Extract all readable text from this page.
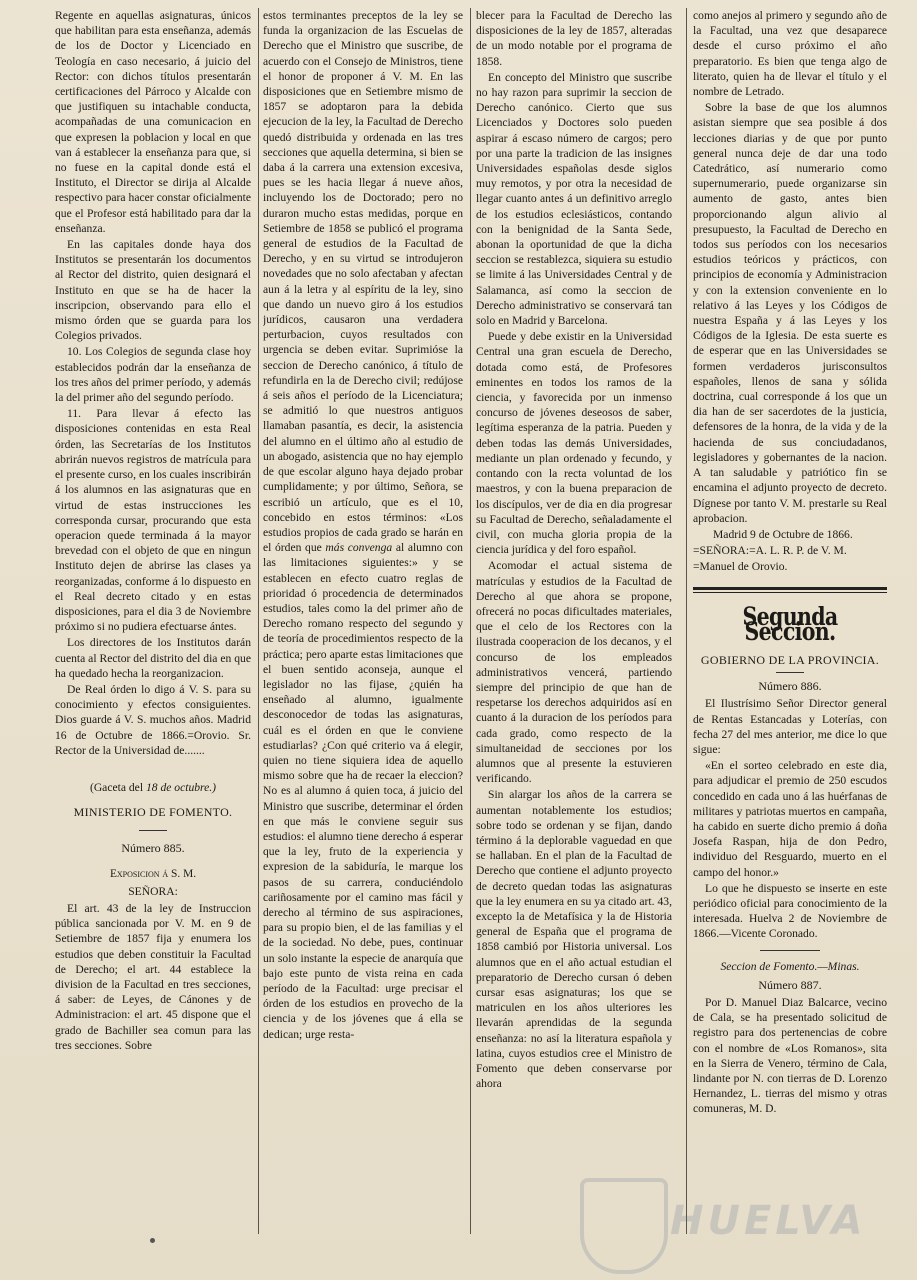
Regente en aquellas asignaturas, únicos que habilitan para esta enseñanza, además de los de Doctor y Licenciado en Teología en caso necesario, á juicio del Rector: con dichos títulos presentarán certificaciones del Párroco y Alcalde con que justifiquen su intachable conducta, acompañadas de una comunicacion en que expresen la poblacion y local en que van á establecer la enseñanza para que, si no fuese en la capital donde está el Instituto, el Director se dirija al Alcalde respectivo para hacer constar oficialmente que el Profesor está habilitado para dar la enseñanza.

En las capitales donde haya dos Institutos se presentarán los documentos al Rector del distrito, quien designará el Instituto en que se ha de hacer la inscripcion, observando para ello el mismo órden que se guarda para los Colegios privados.

10. Los Colegios de segunda clase hoy establecidos podrán dar la enseñanza de los tres años del primer período, y además la del primer año del segundo período.

11. Para llevar á efecto las disposiciones contenidas en esta Real órden, las Secretarías de los Institutos abrirán nuevos registros de matrícula para el presente curso, en los cuales inscribirán á los alumnos en las asignaturas que en virtud de estas instrucciones les corresponda cursar, procurando que esta operacion quede terminada á la mayor brevedad con el objeto de que en ningun Instituto dejen de abrirse las clases ya reorganizadas, conforme á lo dispuesto en el Real decreto citado y en estas disposiciones, para el dia 3 de Noviembre próximo si no pudiera efectuarse ántes.

Los directores de los Institutos darán cuenta al Rector del distrito del dia en que ha quedado hecha la reorganizacion.

De Real órden lo digo á V. S. para su conocimiento y efectos consiguientes. Dios guarde á V. S. muchos años. Madrid 16 de Octubre de 1866.=Orovio. Sr. Rector de la Universidad de.......

(Gaceta del 18 de octubre.)

MINISTERIO DE FOMENTO.

Número 885.

Exposicion á S. M.

SEÑORA:

El art. 43 de la ley de Instruccion pública sancionada por V. M. en 9 de Setiembre de 1857 fija y enumera los estudios que deben constituir la Facultad de Derecho; el art. 44 establece la division de la Facultad en tres secciones, á saber: de Leyes, de Cánones y de Administracion: el art. 45 dispone que el grado de Bachiller sea comun para las tres secciones. Sobre

estos terminantes preceptos de la ley se funda la organizacion de las Escuelas de Derecho que el Ministro que suscribe, de acuerdo con el Consejo de Ministros, tiene el honor de proponer á V. M. En las disposiciones que en Setiembre mismo de 1857 se adoptaron para la debida ejecucion de la ley, la Facultad de Derecho quedó distribuida y ordenada en las tres secciones que aquella determina, si bien se daba á la carrera una extension excesiva, pues se les hacia llegar á nueve años, incluyendo los de Doctorado; pero no duraron mucho estas medidas, porque en Setiembre de 1858 se publicó el programa general de estudios de la Facultad de Derecho, y en su virtud se introdujeron novedades que no solo afectaban y afectan aun á la letra y al espíritu de la ley, sino que dando un nuevo giro á los estudios jurídicos, causaron una verdadera perturbacion, cuyos resultados con urgencia se deben evitar. Suprimióse la seccion de Derecho canónico, á título de refundirla en la de Derecho civil; redújose á seis años el período de la Licenciatura; se admitió lo que nuestros antiguos llamaban pasantía, es decir, la asistencia del alumno en el último año al estudio de un abogado, asistencia que no hay ejemplo de que escolar alguno haya dejado probar cumplidamente; y por último, Señora, se escribió un artículo, que es el 10, concebido en estos términos: «Los estudios propios de cada grado se harán en el órden que más convenga al alumno con las limitaciones siguientes:» y se establecen en efecto cuatro reglas de prioridad ó procedencia de determinados estudios, tales como la del primer año de Derecho romano respecto del segundo y de teoría de procedimientos respecto de la práctica; pero aparte estas limitaciones que el buen sentido aconseja, aunque el legislador no las fijase, ¿quién ha enseñado al alumno, igualmente desconocedor de todas las asignaturas, cuál es el órden en que le conviene estudiarlas? ¿Con qué criterio va á elegir, quien no tiene siquiera idea de aquello mismo sobre que ha de recaer la eleccion? No es al alumno á quien toca, á juicio del Ministro que suscribe, determinar el órden en que más le conviene seguir sus estudios: el alumno tiene derecho á esperar que la ley, fruto de la experiencia y expresion de la sabiduría, le marque los pasos de su carrera, conduciéndolo cariñosamente por el camino mas fácil y derecho al término de sus aspiraciones, para su propio bien, el de las familias y el de la sociedad. No debe, pues, continuar un solo instante la especie de anarquía que bajo este punto de vista reina en cada período de la Facultad: urge precisar el órden de los estudios en provecho de la ciencia y de los jóvenes que á ella se dedican; urge resta-

blecer para la Facultad de Derecho las disposiciones de la ley de 1857, alteradas de un modo notable por el programa de 1858.

En concepto del Ministro que suscribe no hay razon para suprimir la seccion de Derecho canónico. Cierto que sus Licenciados y Doctores solo pueden aspirar á escaso número de cargos; pero por una parte la tradicion de las insignes Universidades españolas desde siglos muy remotos, y por otra la necesidad de llegar cuanto antes á un definitivo arreglo de los estudios eclesiásticos, contando con la benignidad de la Santa Sede, abonan la oportunidad de que la dicha seccion se restablezca, siquiera su estudio se limite á las Universidades Central y de Salamanca, así como la seccion de Derecho administrativo se conservará tan solo en Madrid y Barcelona.

Puede y debe existir en la Universidad Central una gran escuela de Derecho, dotada como está, de Profesores eminentes en todos los ramos de la ciencia, y favorecida por un inmenso concurso de jóvenes deseosos de saber, legítima esperanza de la patria. Pueden y deben todas las demás Universidades, mediante un plan ordenado y fecundo, y contando con la recta voluntad de los maestros, y con la buena preparacion de los discípulos, ver de dia en dia progresar su Facultad de Derecho, señaladamente el civil, con mucha gloria propia de la ciencia jurídica y del foro español.

Acomodar el actual sistema de matrículas y estudios de la Facultad de Derecho al que ahora se propone, ofrecerá no pocas dificultades materiales, que el celo de los Rectores con la ilustrada cooperacion de los decanos, y el concurso de los empleados administrativos vencerá, partiendo siempre del principio de que han de respetarse los derechos adquiridos así en cuanto á la duracion de los períodos para cada grado, como respecto de la simultaneidad de secciones por los alumnos que al presente la estuvieren verificando.

Sin alargar los años de la carrera se aumentan notablemente los estudios; sobre todo se ordenan y se fijan, dando término á la deplorable vaguedad en que se hallaban. En el plan de la Facultad de Derecho que contiene el adjunto proyecto de decreto quedan todas las asignaturas que la ley enumera en su ya citado art. 43, excepto la de Metafísica y la de Historia general de España que el programa de 1858 cambió por Historia universal. Los alumnos que en el año actual estudian el preparatorio de Derecho cursan ó deben cursar esas asignaturas; los que se matriculen en los años ulteriores les llevarán aprendidas de la segunda enseñanza: no así la literatura española y latina, cuyos estudios cree el Ministro de Fomento que deben conservarse por ahora

como anejos al primero y segundo año de la Facultad, una vez que desaparece desde el curso próximo el año preparatorio. Es bien que tenga algo de literato, quien ha de llevar el título y el nombre de Letrado.

Sobre la base de que los alumnos asistan siempre que sea posible á dos lecciones diarias y de que por punto general nunca deje de dar una todo Catedrático, así numerario como supernumerario, puede organizarse sin aumento de gasto, antes bien proporcionando algun alivio al presupuesto, la Facultad de Derecho en todos sus períodos con los necesarios estudios teóricos y prácticos, con principios de economía y Administracion y con la extension conveniente en lo relativo á las Leyes y los Códigos de nuestra España y á las Leyes y los Códigos de la Iglesia. De esta suerte es de esperar que en las Universidades se formen verdaderos jurisconsultos españoles, llenos de sana y sólida doctrina, cual corresponde á los que un dia han de ser sacerdotes de la justicia, defensores de la honra, de la vida y de la hacienda de sus conciudadanos, legisladores y gobernantes de la nacion. A tan saludable y patriótico fin se encamina el adjunto proyecto de decreto. Dígnese por tanto V. M. prestarle su Real aprobacion.

Madrid 9 de Octubre de 1866.

=SEÑORA:=A. L. R. P. de V. M.

=Manuel de Orovio.

Segunda Seccion.

GOBIERNO DE LA PROVINCIA.

Número 886.

El Ilustrísimo Señor Director general de Rentas Estancadas y Loterías, con fecha 27 del mes anterior, me dice lo que sigue:

«En el sorteo celebrado en este dia, para adjudicar el premio de 250 escudos concedido en cada uno á las huérfanas de militares y patriotas muertos en campaña, ha cabido en suerte dicho premio á doña Josefa Raspan, hija de don Pedro, individuo del Resguardo, muerto en el campo del honor.»

Lo que he dispuesto se inserte en este periódico oficial para conocimiento de la interesada. Huelva 2 de Noviembre de 1866.—Vicente Coronado.

Seccion de Fomento.—Minas.

Número 887.

Por D. Manuel Diaz Balcarce, vecino de Cala, se ha presentado solicitud de registro para dos pertenencias de cobre con el nombre de «Los Romanos», sita en la Sierra de Venero, término de Cala, lindante por N. con tierras de D. Lorenzo Hernandez, L. tierras del mismo y otras comuneras, M. D.

HUELVA
